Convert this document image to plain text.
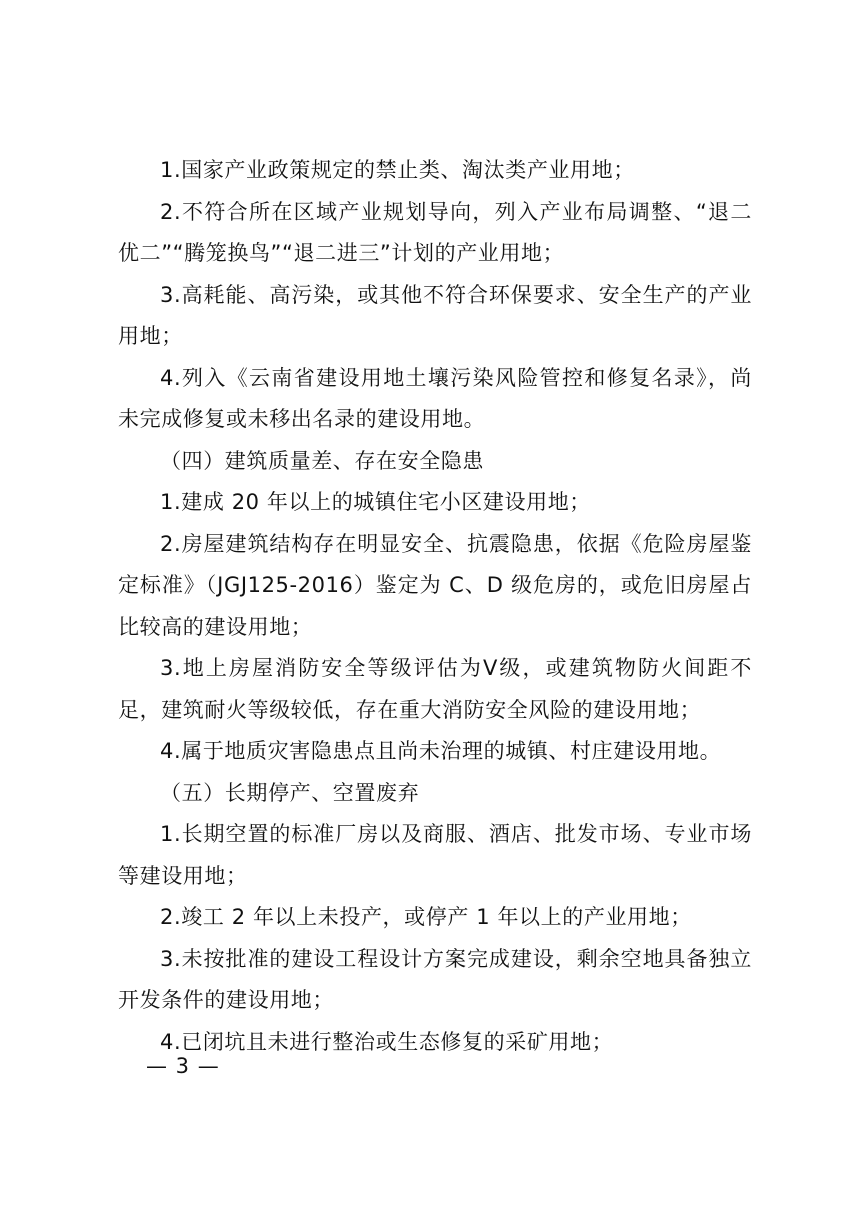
1.国家产业政策规定的禁止类、淘汰类产业用地；

2.不符合所在区域产业规划导向，列入产业布局调整、“退二优二”“腾笼换鸟”“退二进三”计划的产业用地；

3.高耗能、高污染，或其他不符合环保要求、安全生产的产业用地；

4.列入《云南省建设用地土壤污染风险管控和修复名录》，尚未完成修复或未移出名录的建设用地。

（四）建筑质量差、存在安全隐患

1.建成 20 年以上的城镇住宅小区建设用地；

2.房屋建筑结构存在明显安全、抗震隐患，依据《危险房屋鉴定标准》（JGJ125-2016）鉴定为 C、D 级危房的，或危旧房屋占比较高的建设用地；

3.地上房屋消防安全等级评估为Ⅴ级，或建筑物防火间距不足，建筑耐火等级较低，存在重大消防安全风险的建设用地；

4.属于地质灾害隐患点且尚未治理的城镇、村庄建设用地。

（五）长期停产、空置废弃

1.长期空置的标准厂房以及商服、酒店、批发市场、专业市场等建设用地；

2.竣工 2 年以上未投产，或停产 1 年以上的产业用地；

3.未按批准的建设工程设计方案完成建设，剩余空地具备独立开发条件的建设用地；

4.已闭坑且未进行整治或生态修复的采矿用地；

— 3 —
